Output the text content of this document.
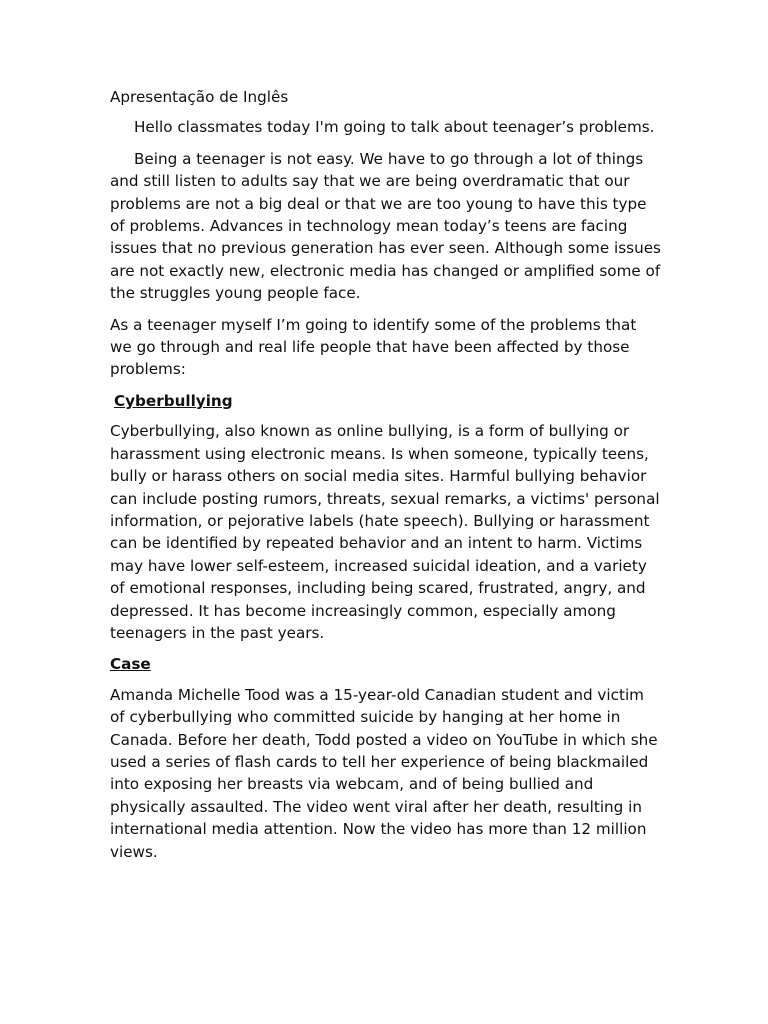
Apresentação de Inglês

Hello classmates today I'm going to talk about teenager’s problems.

Being a teenager is not easy. We have to go through a lot of things and still listen to adults say that we are being overdramatic that our problems are not a big deal or that we are too young to have this type of problems. Advances in technology mean today’s teens are facing issues that no previous generation has ever seen. Although some issues are not exactly new, electronic media has changed or amplified some of the struggles young people face.

As a teenager myself I’m going to identify some of the problems that we go through and real life people that have been affected by those problems:

Cyberbullying

Cyberbullying, also known as online bullying, is a form of bullying or harassment using electronic means. Is when someone, typically teens, bully or harass others on social media sites. Harmful bullying behavior can include posting rumors, threats, sexual remarks, a victims' personal information, or pejorative labels (hate speech). Bullying or harassment can be identified by repeated behavior and an intent to harm. Victims may have lower self-esteem, increased suicidal ideation, and a variety of emotional responses, including being scared, frustrated, angry, and depressed. It has become increasingly common, especially among teenagers in the past years.

Case

Amanda Michelle Tood was a 15-year-old Canadian student and victim of cyberbullying who committed suicide by hanging at her home in Canada. Before her death, Todd posted a video on YouTube in which she used a series of flash cards to tell her experience of being blackmailed into exposing her breasts via webcam, and of being bullied and physically assaulted. The video went viral after her death, resulting in international media attention. Now the video has more than 12 million views.
